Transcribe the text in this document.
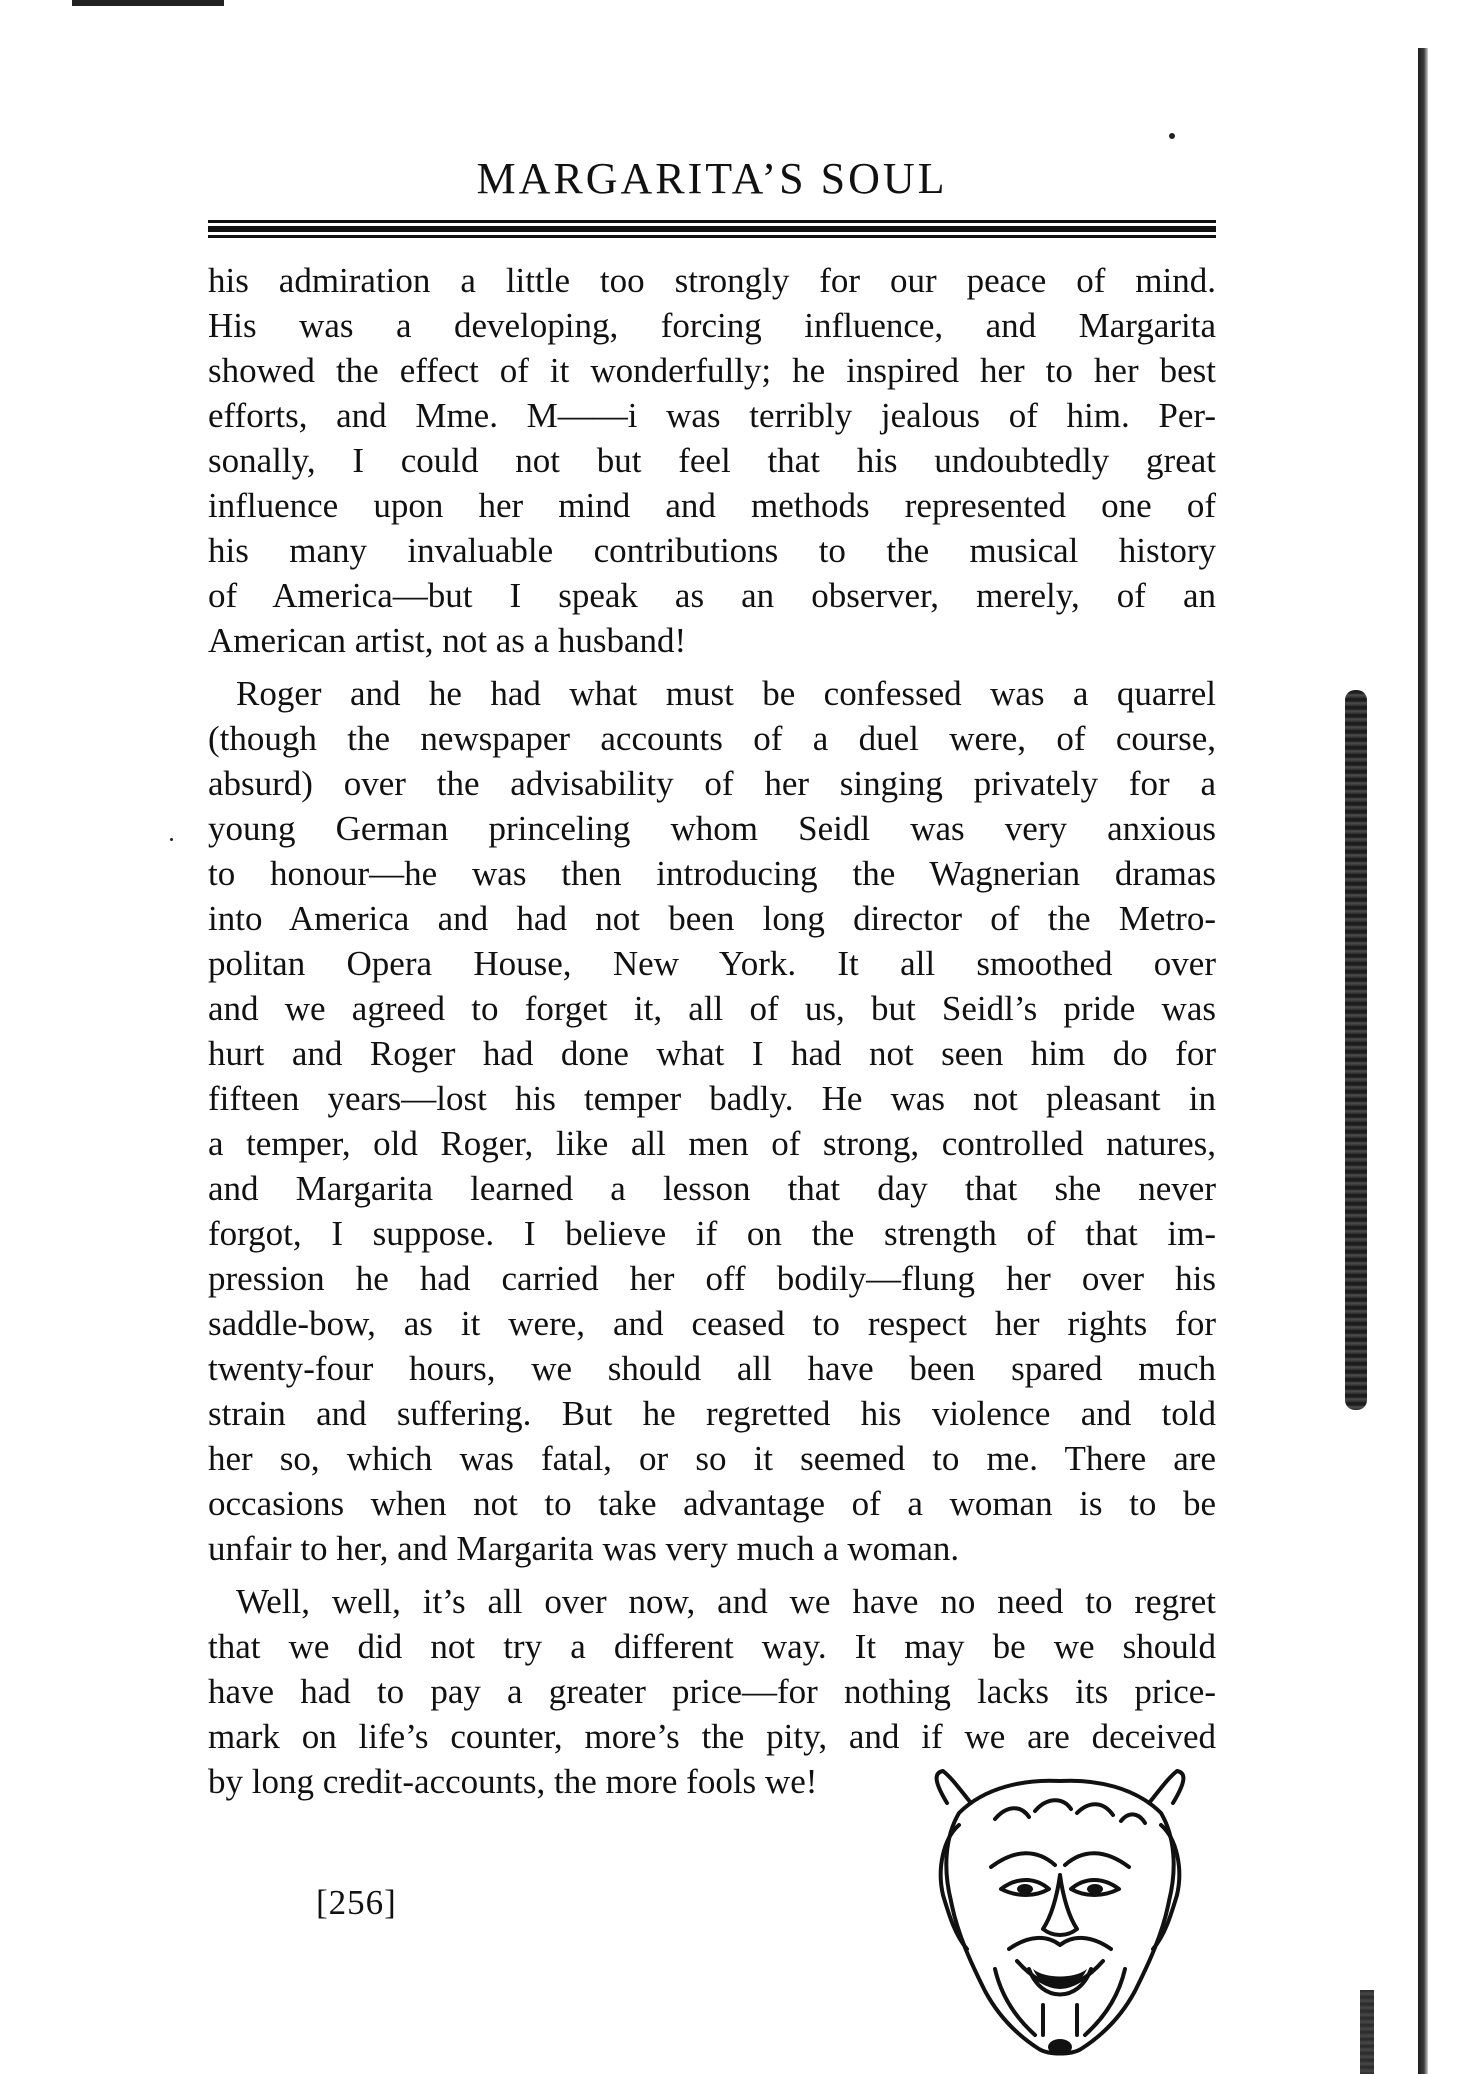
MARGARITA’S SOUL
his admiration a little too strongly for our peace of mind.
His was a developing, forcing influence, and Margarita
showed the effect of it wonderfully; he inspired her to her best
efforts, and Mme. M——i was terribly jealous of him. Per-
sonally, I could not but feel that his undoubtedly great
influence upon her mind and methods represented one of
his many invaluable contributions to the musical history
of America—but I speak as an observer, merely, of an
American artist, not as a husband!
Roger and he had what must be confessed was a quarrel
(though the newspaper accounts of a duel were, of course,
absurd) over the advisability of her singing privately for a
young German princeling whom Seidl was very anxious
to honour—he was then introducing the Wagnerian dramas
into America and had not been long director of the Metro-
politan Opera House, New York. It all smoothed over
and we agreed to forget it, all of us, but Seidl’s pride was
hurt and Roger had done what I had not seen him do for
fifteen years—lost his temper badly. He was not pleasant in
a temper, old Roger, like all men of strong, controlled natures,
and Margarita learned a lesson that day that she never
forgot, I suppose. I believe if on the strength of that im-
pression he had carried her off bodily—flung her over his
saddle-bow, as it were, and ceased to respect her rights for
twenty-four hours, we should all have been spared much
strain and suffering. But he regretted his violence and told
her so, which was fatal, or so it seemed to me. There are
occasions when not to take advantage of a woman is to be
unfair to her, and Margarita was very much a woman.
Well, well, it’s all over now, and we have no need to regret
that we did not try a different way. It may be we should
have had to pay a greater price—for nothing lacks its price-
mark on life’s counter, more’s the pity, and if we are deceived
by long credit-accounts, the more fools we!
[256]
